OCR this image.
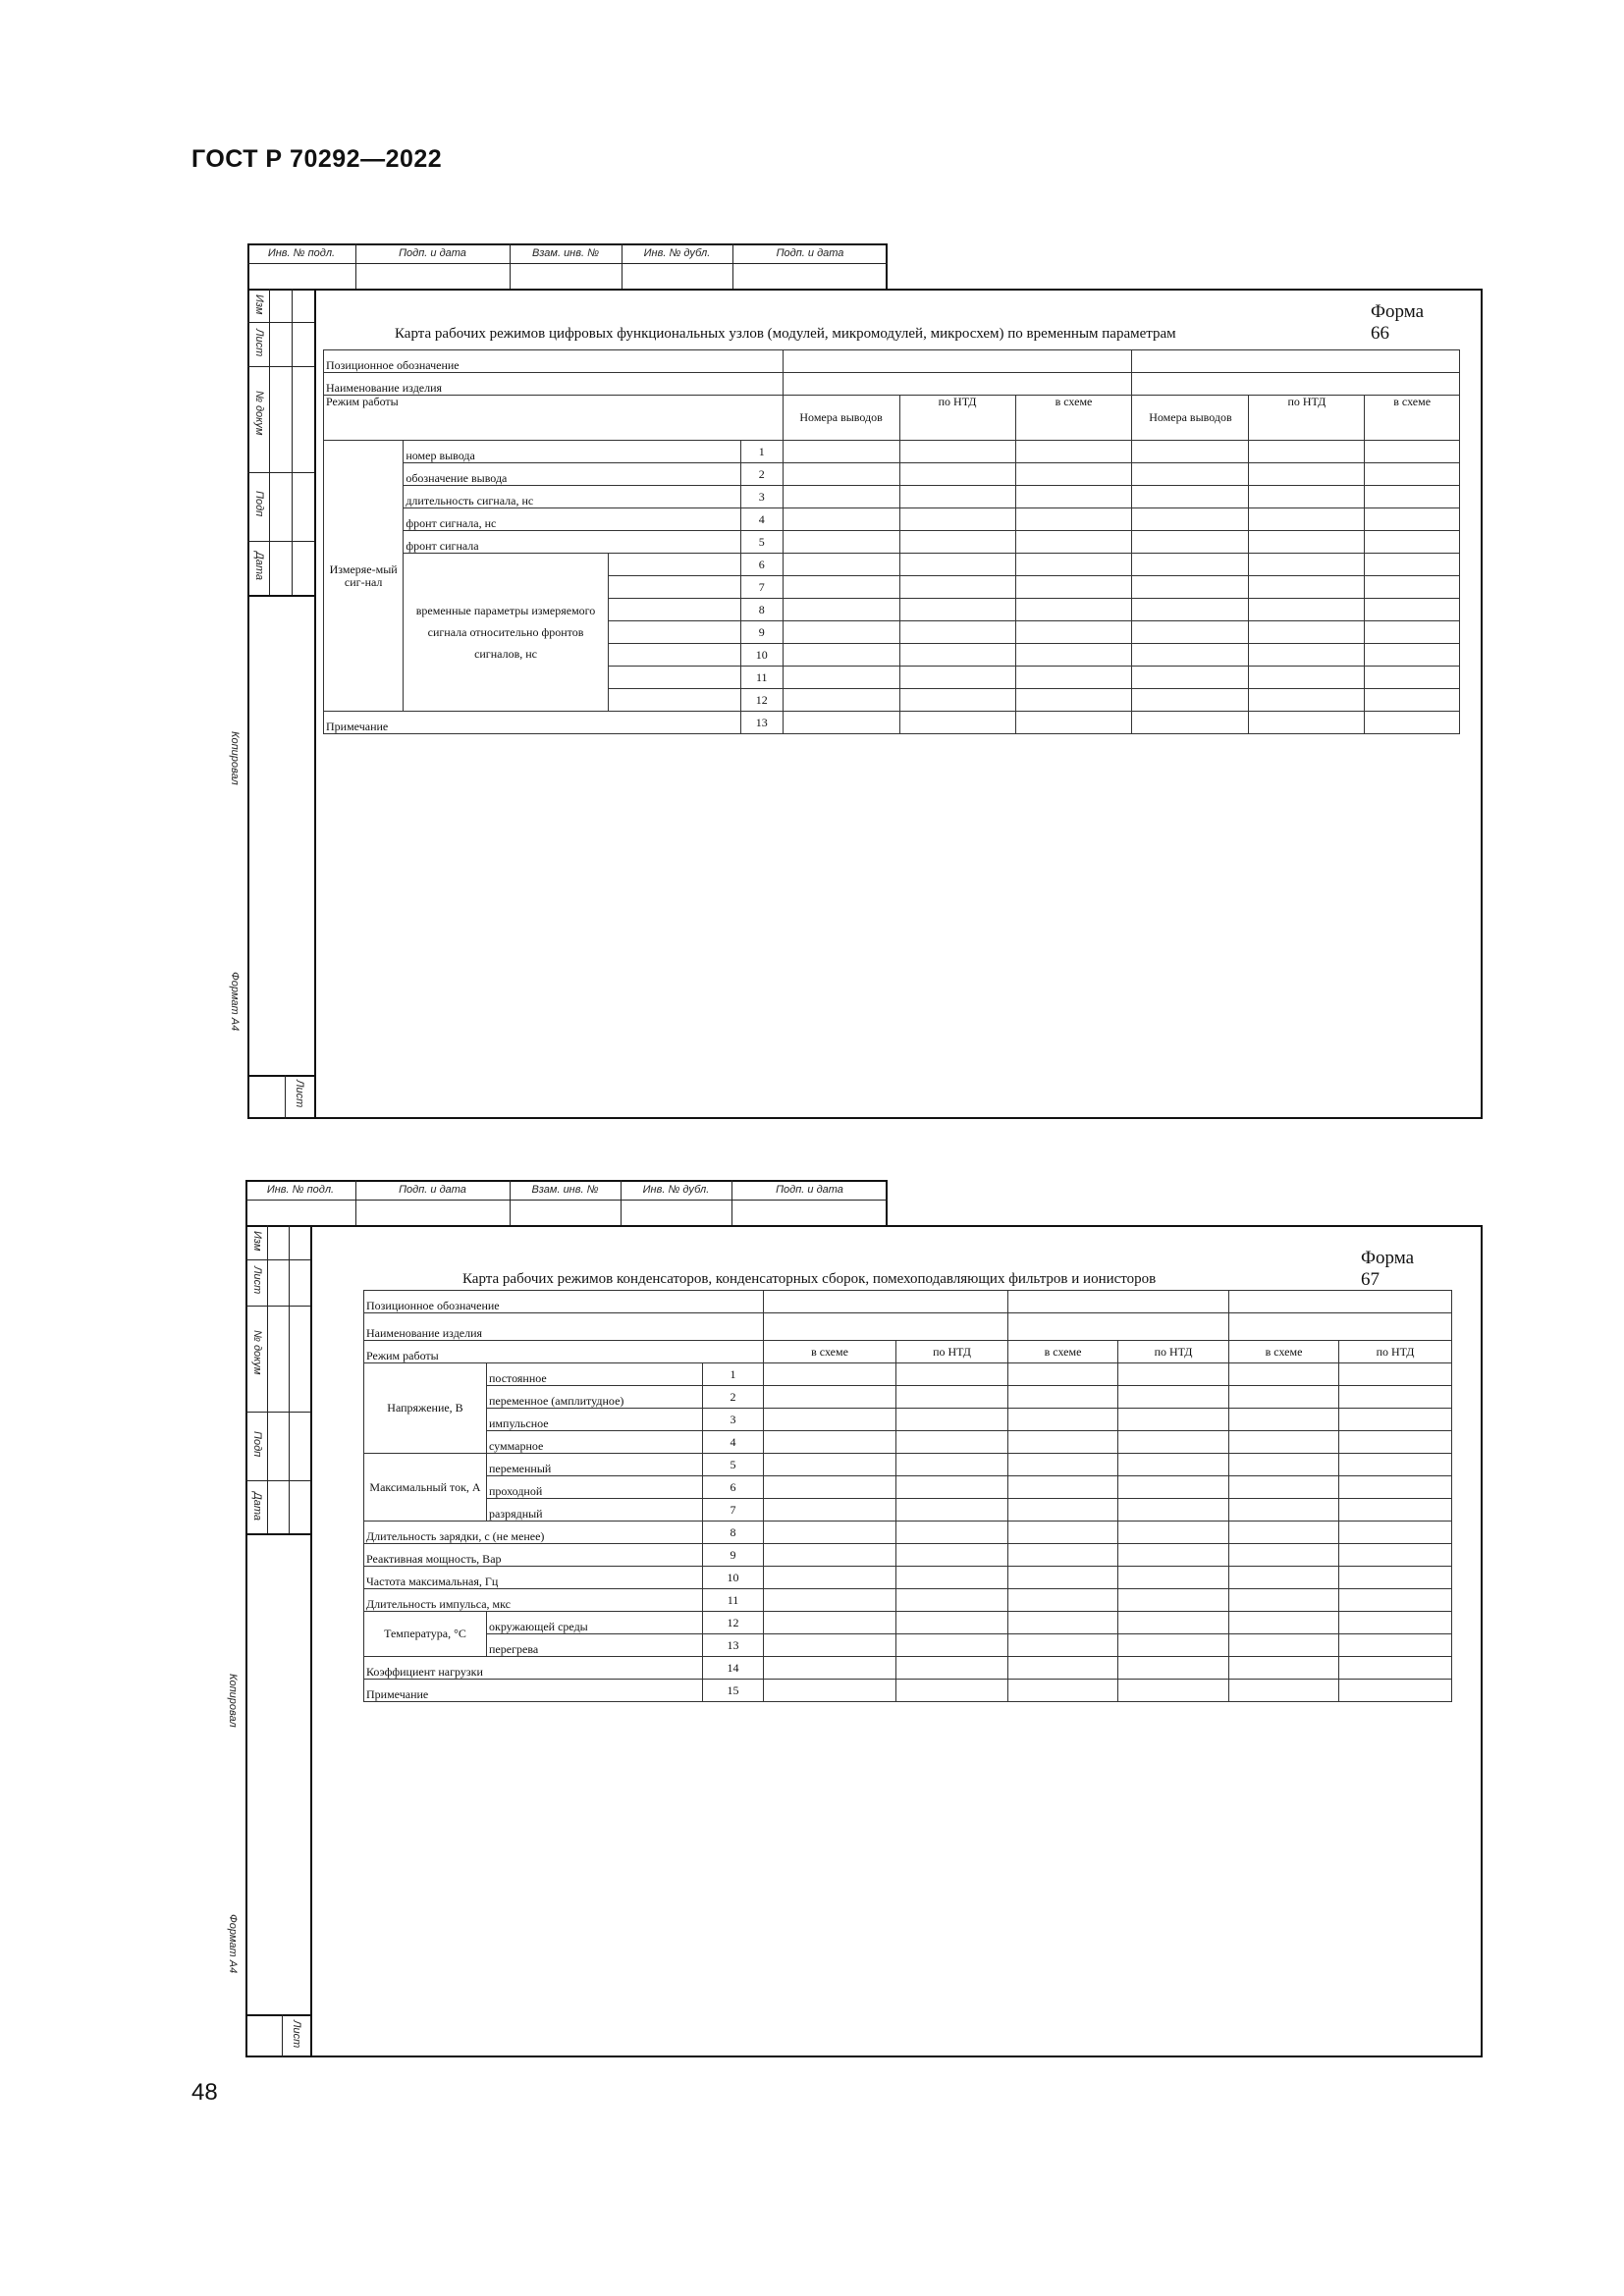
ГОСТ Р 70292—2022
Инв. № подл.	Подп. и дата	Взам. инв. №	Инв. № дубл.	Подп. и дата
Изм
Лист
№ докум
Подп
Дата
Копировал
Формат А4
Лист
Форма 66
Карта рабочих режимов цифровых функциональных узлов (модулей, микромодулей, микросхем) по временным параметрам
Позиционное обозначение									
Наименование изделия									
Режим работы				Номера выводов	по НТД	в схеме	Номера выводов	по НТД	в схеме
Измеряе-мый сиг-нал	номер вывода		1						
	обозначение вывода		2						
	длительность сигнала, нс		3						
	фронт сигнала, нс		4						
	фронт сигнала		5						
	временные параметры измеряемого сигнала относительно фронтов сигналов, нс		6						
			7						
			8						
			9						
			10						
			11						
			12						
Примечание			13						
Инв. № подл.	Подп. и дата	Взам. инв. №	Инв. № дубл.	Подп. и дата
Изм
Лист
№ докум
Подп
Дата
Копировал
Формат А4
Лист
Форма 67
Карта рабочих режимов конденсаторов, конденсаторных сборок, помехоподавляющих фильтров и ионисторов
Позиционное обозначение								
Наименование изделия								
Режим работы			в схеме	по НТД	в схеме	по НТД	в схеме	по НТД
Напряжение, В	постоянное	1						
	переменное (амплитудное)	2						
	импульсное	3						
	суммарное	4						
Максимальный ток, А	переменный	5						
	проходной	6						
	разрядный	7						
Длительность зарядки, с (не менее)		8						
Реактивная мощность, Вар		9						
Частота максимальная, Гц		10						
Длительность импульса, мкс		11						
Температура, °С	окружающей среды	12						
	перегрева	13						
Коэффициент нагрузки		14						
Примечание		15						
48
